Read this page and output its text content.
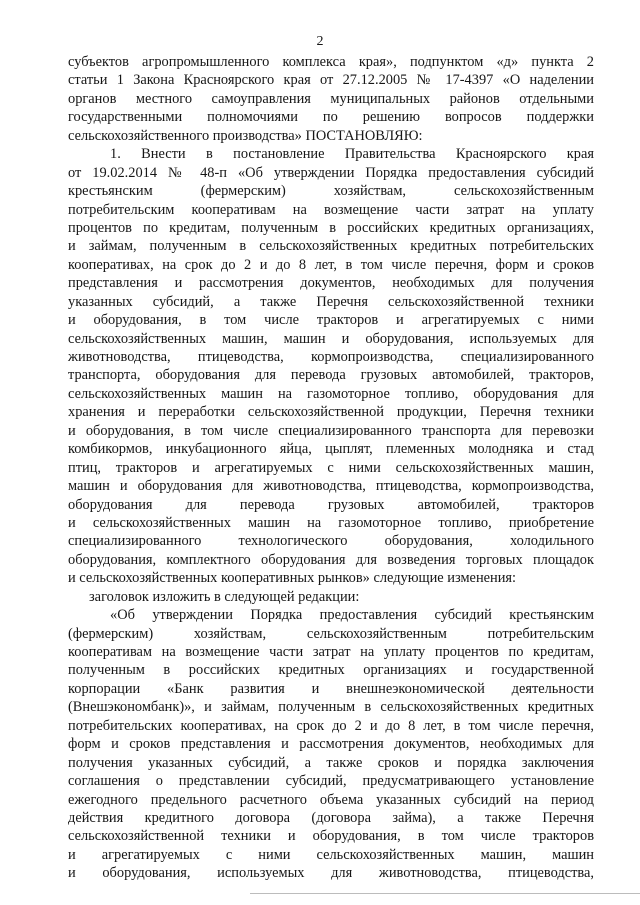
2
субъектов агропромышленного комплекса края», подпунктом «д» пункта 2
статьи 1 Закона Красноярского края от 27.12.2005 № 17-4397 «О наделении
органов местного самоуправления муниципальных районов отдельными
государственными полномочиями по решению вопросов поддержки
сельскохозяйственного производства» ПОСТАНОВЛЯЮ:
1. Внести в постановление Правительства Красноярского края
от 19.02.2014 № 48-п «Об утверждении Порядка предоставления субсидий
крестьянским (фермерским) хозяйствам, сельскохозяйственным
потребительским кооперативам на возмещение части затрат на уплату
процентов по кредитам, полученным в российских кредитных организациях,
и займам, полученным в сельскохозяйственных кредитных потребительских
кооперативах, на срок до 2 и до 8 лет, в том числе перечня, форм и сроков
представления и рассмотрения документов, необходимых для получения
указанных субсидий, а также Перечня сельскохозяйственной техники
и оборудования, в том числе тракторов и агрегатируемых с ними
сельскохозяйственных машин, машин и оборудования, используемых для
животноводства, птицеводства, кормопроизводства, специализированного
транспорта, оборудования для перевода грузовых автомобилей, тракторов,
сельскохозяйственных машин на газомоторное топливо, оборудования для
хранения и переработки сельскохозяйственной продукции, Перечня техники
и оборудования, в том числе специализированного транспорта для перевозки
комбикормов, инкубационного яйца, цыплят, племенных молодняка и стад
птиц, тракторов и агрегатируемых с ними сельскохозяйственных машин,
машин и оборудования для животноводства, птицеводства, кормопроизводства,
оборудования для перевода грузовых автомобилей, тракторов
и сельскохозяйственных машин на газомоторное топливо, приобретение
специализированного технологического оборудования, холодильного
оборудования, комплектного оборудования для возведения торговых площадок
и сельскохозяйственных кооперативных рынков» следующие изменения:
заголовок изложить в следующей редакции:
«Об утверждении Порядка предоставления субсидий крестьянским
(фермерским) хозяйствам, сельскохозяйственным потребительским
кооперативам на возмещение части затрат на уплату процентов по кредитам,
полученным в российских кредитных организациях и государственной
корпорации «Банк развития и внешнеэкономической деятельности
(Внешэкономбанк)», и займам, полученным в сельскохозяйственных кредитных
потребительских кооперативах, на срок до 2 и до 8 лет, в том числе перечня,
форм и сроков представления и рассмотрения документов, необходимых для
получения указанных субсидий, а также сроков и порядка заключения
соглашения о представлении субсидий, предусматривающего установление
ежегодного предельного расчетного объема указанных субсидий на период
действия кредитного договора (договора займа), а также Перечня
сельскохозяйственной техники и оборудования, в том числе тракторов
и агрегатируемых с ними сельскохозяйственных машин, машин
и оборудования, используемых для животноводства, птицеводства,
